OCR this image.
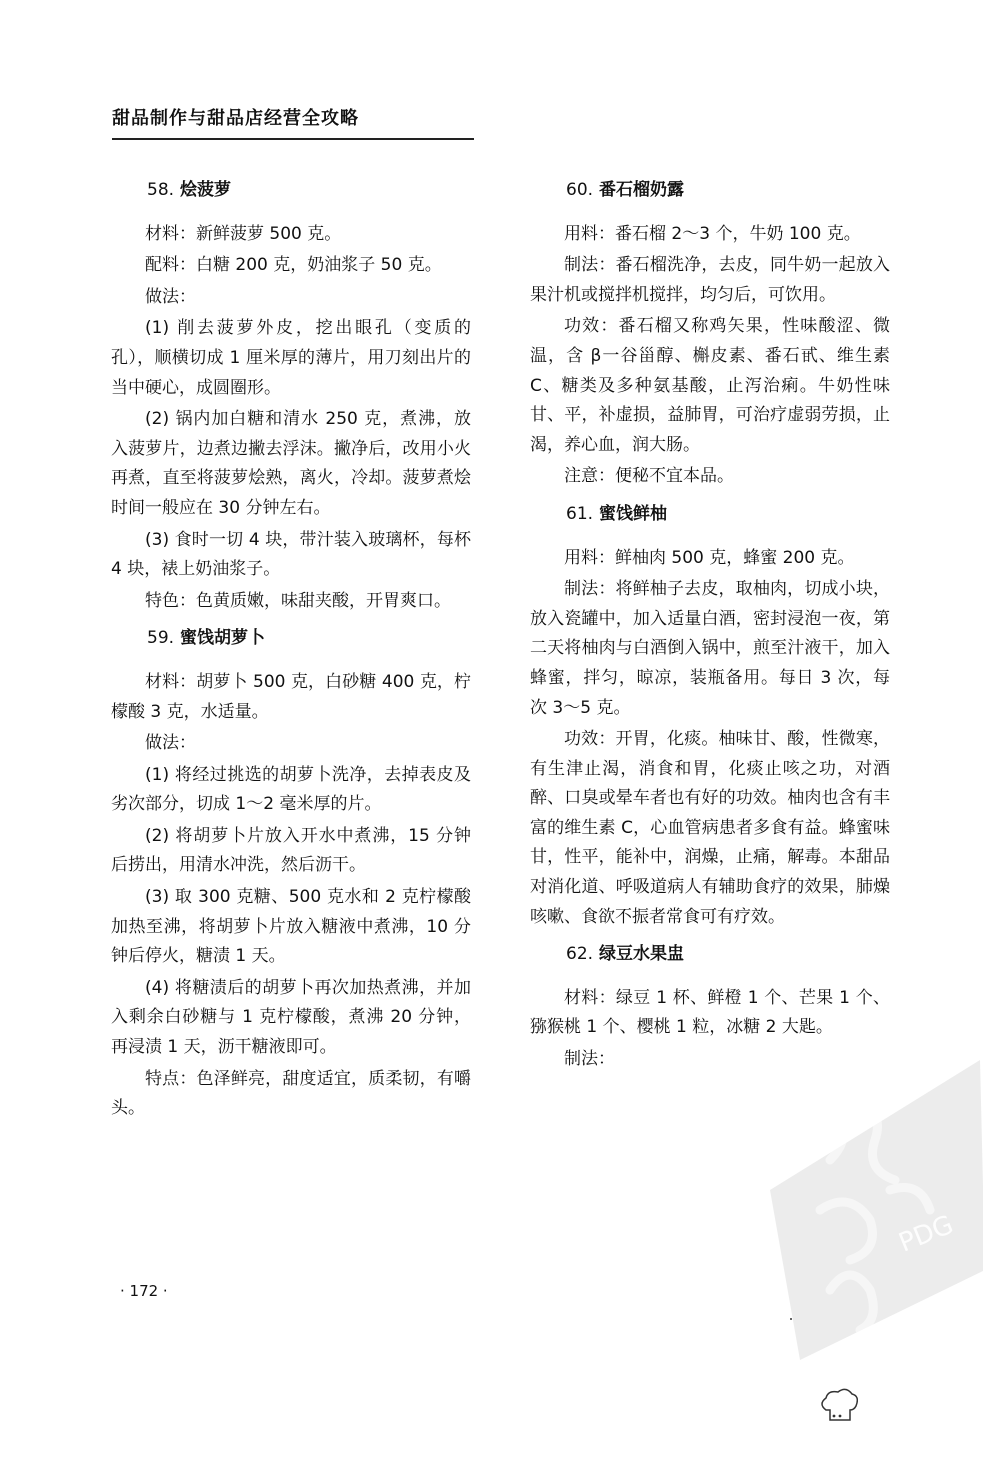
甜品制作与甜品店经营全攻略
58. 烩菠萝

材料：新鲜菠萝 500 克。

配料：白糖 200 克，奶油浆子 50 克。

做法：

(1) 削去菠萝外皮，挖出眼孔（变质的孔），顺横切成 1 厘米厚的薄片，用刀刻出片的当中硬心，成圆圈形。

(2) 锅内加白糖和清水 250 克，煮沸，放入菠萝片，边煮边撇去浮沫。撇净后，改用小火再煮，直至将菠萝烩熟，离火，冷却。菠萝煮烩时间一般应在 30 分钟左右。

(3) 食时一切 4 块，带汁装入玻璃杯，每杯 4 块，裱上奶油浆子。

特色：色黄质嫩，味甜夹酸，开胃爽口。

59. 蜜饯胡萝卜

材料：胡萝卜 500 克，白砂糖 400 克，柠檬酸 3 克，水适量。

做法：

(1) 将经过挑选的胡萝卜洗净，去掉表皮及劣次部分，切成 1～2 毫米厚的片。

(2) 将胡萝卜片放入开水中煮沸，15 分钟后捞出，用清水冲洗，然后沥干。

(3) 取 300 克糖、500 克水和 2 克柠檬酸加热至沸，将胡萝卜片放入糖液中煮沸，10 分钟后停火，糖渍 1 天。

(4) 将糖渍后的胡萝卜再次加热煮沸，并加入剩余白砂糖与 1 克柠檬酸，煮沸 20 分钟，再浸渍 1 天，沥干糖液即可。

特点：色泽鲜亮，甜度适宜，质柔韧，有嚼头。

60. 番石榴奶露

用料：番石榴 2～3 个，牛奶 100 克。

制法：番石榴洗净，去皮，同牛奶一起放入果汁机或搅拌机搅拌，均匀后，可饮用。

功效：番石榴又称鸡矢果，性味酸涩、微温，含 β一谷甾醇、槲皮素、番石甙、维生素 C、糖类及多种氨基酸，止泻治痢。牛奶性味甘、平，补虚损，益肺胃，可治疗虚弱劳损，止渴，养心血，润大肠。

注意：便秘不宜本品。

61. 蜜饯鲜柚

用料：鲜柚肉 500 克，蜂蜜 200 克。

制法：将鲜柚子去皮，取柚肉，切成小块，放入瓷罐中，加入适量白酒，密封浸泡一夜，第二天将柚肉与白酒倒入锅中，煎至汁液干，加入蜂蜜，拌匀，晾凉，装瓶备用。每日 3 次，每次 3～5 克。

功效：开胃，化痰。柚味甘、酸，性微寒，有生津止渴，消食和胃，化痰止咳之功，对酒醉、口臭或晕车者也有好的功效。柚肉也含有丰富的维生素 C，心血管病患者多食有益。蜂蜜味甘，性平，能补中，润燥，止痛，解毒。本甜品对消化道、呼吸道病人有辅助食疗的效果，肺燥咳嗽、食欲不振者常食可有疗效。

62. 绿豆水果盅

材料：绿豆 1 杯、鲜橙 1 个、芒果 1 个、猕猴桃 1 个、樱桃 1 粒，冰糖 2 大匙。

制法：

· 172 ·
PDG
